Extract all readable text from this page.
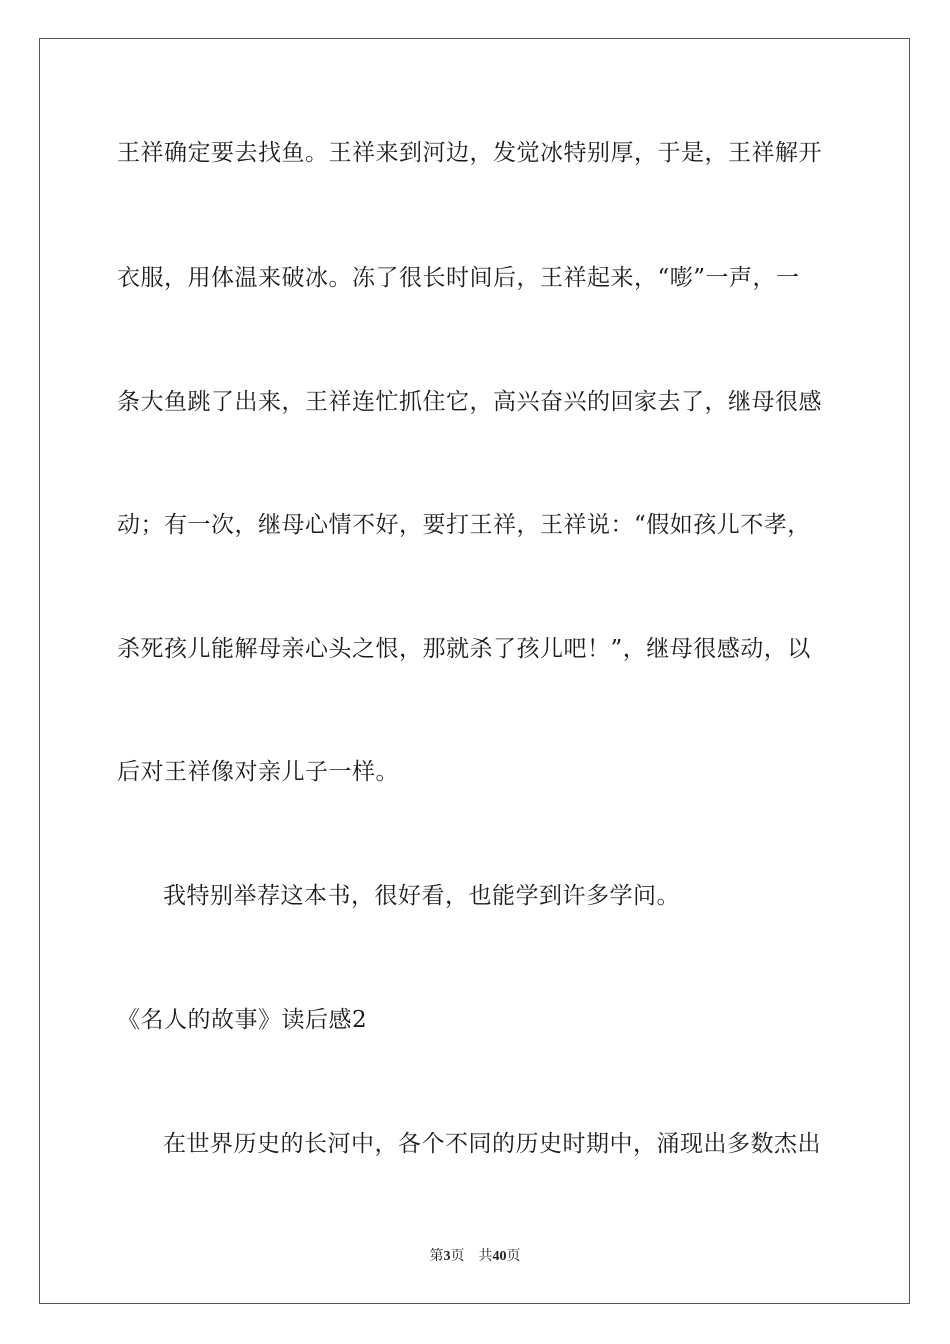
王祥确定要去找鱼。王祥来到河边，发觉冰特别厚，于是，王祥解开
衣服，用体温来破冰。冻了很长时间后，王祥起来，“嘭”一声，一
条大鱼跳了出来，王祥连忙抓住它，高兴奋兴的回家去了，继母很感
动；有一次，继母心情不好，要打王祥，王祥说：“假如孩儿不孝，
杀死孩儿能解母亲心头之恨，那就杀了孩儿吧！”，继母很感动，以
后对王祥像对亲儿子一样。
我特别举荐这本书，很好看，也能学到许多学问。
《名人的故事》读后感2
在世界历史的长河中，各个不同的历史时期中，涌现出多数杰出
第3页 共40页
